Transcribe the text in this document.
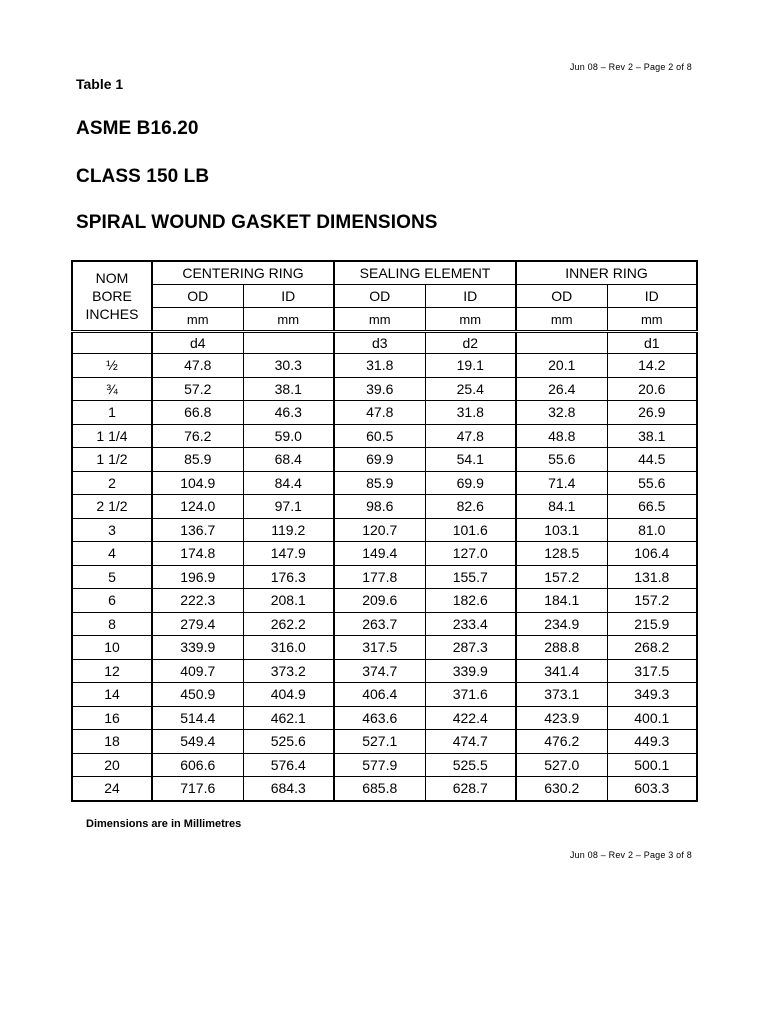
Jun 08 – Rev 2 – Page 2 of 8
Table 1
ASME B16.20
CLASS 150 LB
SPIRAL WOUND GASKET DIMENSIONS
NOM
BORE
INCHES	CENTERING RING		SEALING ELEMENT		INNER RING	
	OD	ID	OD	ID	OD	ID
	mm	mm	mm	mm	mm	mm
	d4		d3	d2		d1
½	47.8	30.3	31.8	19.1	20.1	14.2
¾	57.2	38.1	39.6	25.4	26.4	20.6
1	66.8	46.3	47.8	31.8	32.8	26.9
1 1/4	76.2	59.0	60.5	47.8	48.8	38.1
1 1/2	85.9	68.4	69.9	54.1	55.6	44.5
2	104.9	84.4	85.9	69.9	71.4	55.6
2 1/2	124.0	97.1	98.6	82.6	84.1	66.5
3	136.7	119.2	120.7	101.6	103.1	81.0
4	174.8	147.9	149.4	127.0	128.5	106.4
5	196.9	176.3	177.8	155.7	157.2	131.8
6	222.3	208.1	209.6	182.6	184.1	157.2
8	279.4	262.2	263.7	233.4	234.9	215.9
10	339.9	316.0	317.5	287.3	288.8	268.2
12	409.7	373.2	374.7	339.9	341.4	317.5
14	450.9	404.9	406.4	371.6	373.1	349.3
16	514.4	462.1	463.6	422.4	423.9	400.1
18	549.4	525.6	527.1	474.7	476.2	449.3
20	606.6	576.4	577.9	525.5	527.0	500.1
24	717.6	684.3	685.8	628.7	630.2	603.3
Dimensions are in Millimetres
Jun 08 – Rev 2 – Page 3 of 8
